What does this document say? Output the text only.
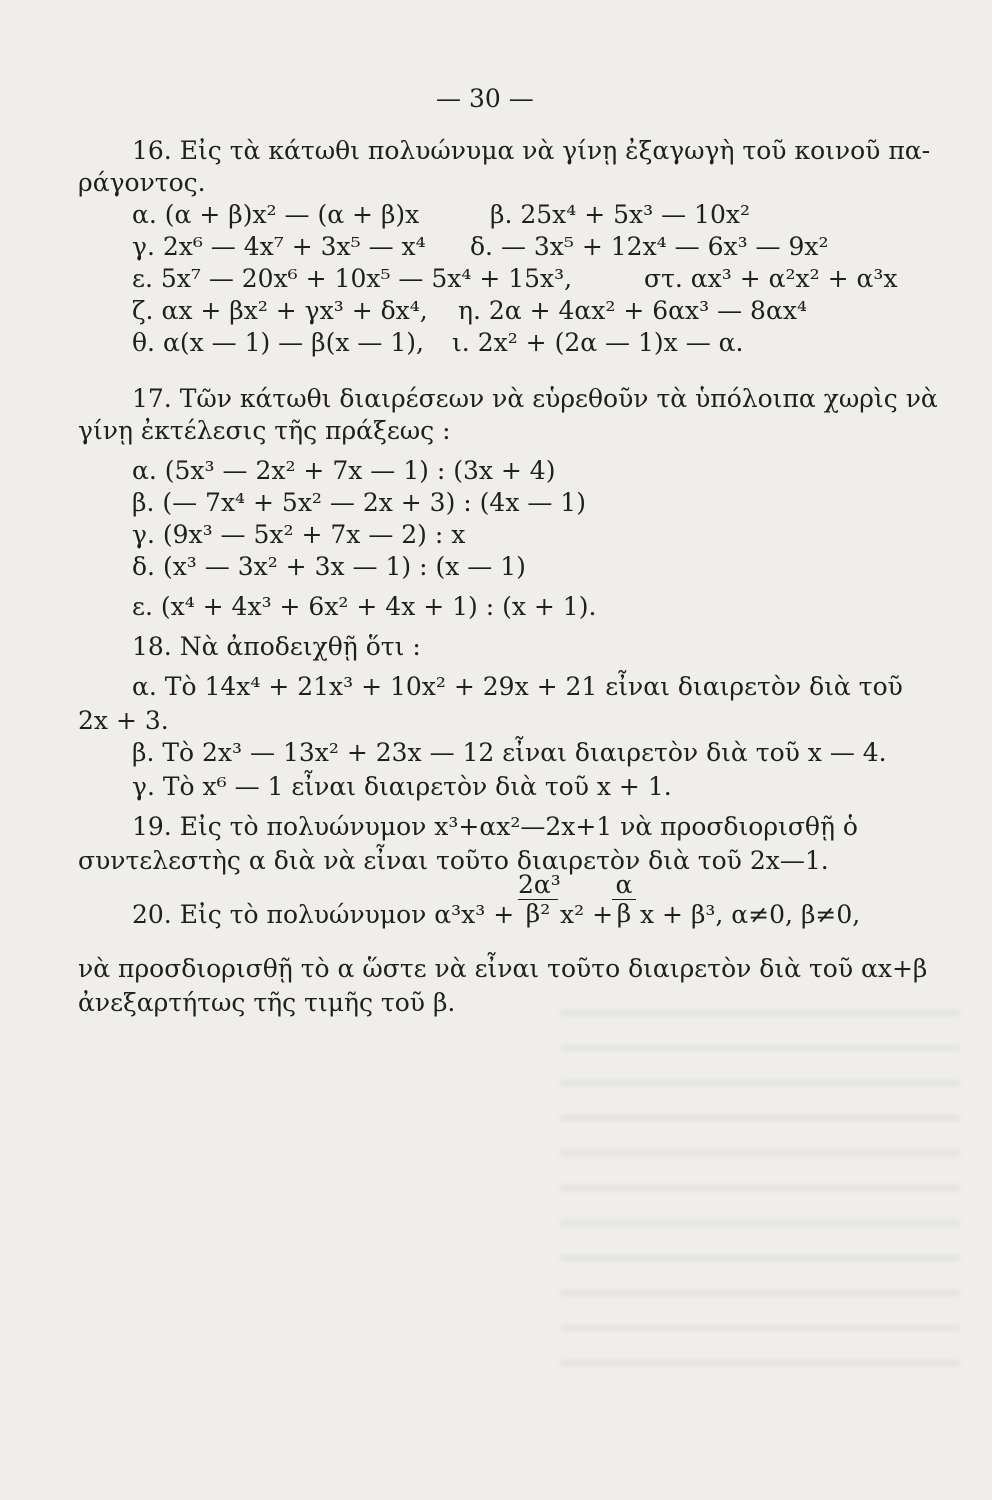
— 30 —
16. Εἰς τὰ κάτωθι πολυώνυμα νὰ γίνῃ ἐξαγωγὴ τοῦ κοινοῦ πα-
ράγοντος.
α. (α + β)x² — (α + β)x	β. 25x⁴ + 5x³ — 10x²
γ. 2x⁶ — 4x⁷ + 3x⁵ — x⁴ δ. — 3x⁵ + 12x⁴ — 6x³ — 9x²
ε. 5x⁷ — 20x⁶ + 10x⁵ — 5x⁴ + 15x³,	στ. αx³ + α²x² + α³x
ζ. αx + βx² + γx³ + δx⁴, η. 2α + 4αx² + 6αx³ — 8αx⁴
θ. α(x — 1) — β(x — 1), ι. 2x² + (2α — 1)x — α.
17. Τῶν κάτωθι διαιρέσεων νὰ εὑρεθοῦν τὰ ὑπόλοιπα χωρὶς νὰ
γίνῃ ἐκτέλεσις τῆς πράξεως :
α. (5x³ — 2x² + 7x — 1) : (3x + 4)
β. (— 7x⁴ + 5x² — 2x + 3) : (4x — 1)
γ. (9x³ — 5x² + 7x — 2) : x
δ. (x³ — 3x² + 3x — 1) : (x — 1)
ε. (x⁴ + 4x³ + 6x² + 4x + 1) : (x + 1).
18. Νὰ ἀποδειχθῇ ὅτι :
α. Τὸ 14x⁴ + 21x³ + 10x² + 29x + 21 εἶναι διαιρετὸν διὰ τοῦ
2x + 3.
β. Τὸ 2x³ — 13x² + 23x — 12 εἶναι διαιρετὸν διὰ τοῦ x — 4.
γ. Τὸ x⁶ — 1 εἶναι διαιρετὸν διὰ τοῦ x + 1.
19. Εἰς τὸ πολυώνυμον x³+αx²—2x+1 νὰ προσδιορισθῇ ὁ
συντελεστὴς α διὰ νὰ εἶναι τοῦτο διαιρετὸν διὰ τοῦ 2x—1.
20. Εἰς τὸ πολυώνυμον α³x³ +
2α³
β² x² +
α
β x + β³, α≠0, β≠0,
νὰ προσδιορισθῇ τὸ α ὥστε νὰ εἶναι τοῦτο διαιρετὸν διὰ τοῦ αx+β
ἀνεξαρτήτως τῆς τιμῆς τοῦ β.
